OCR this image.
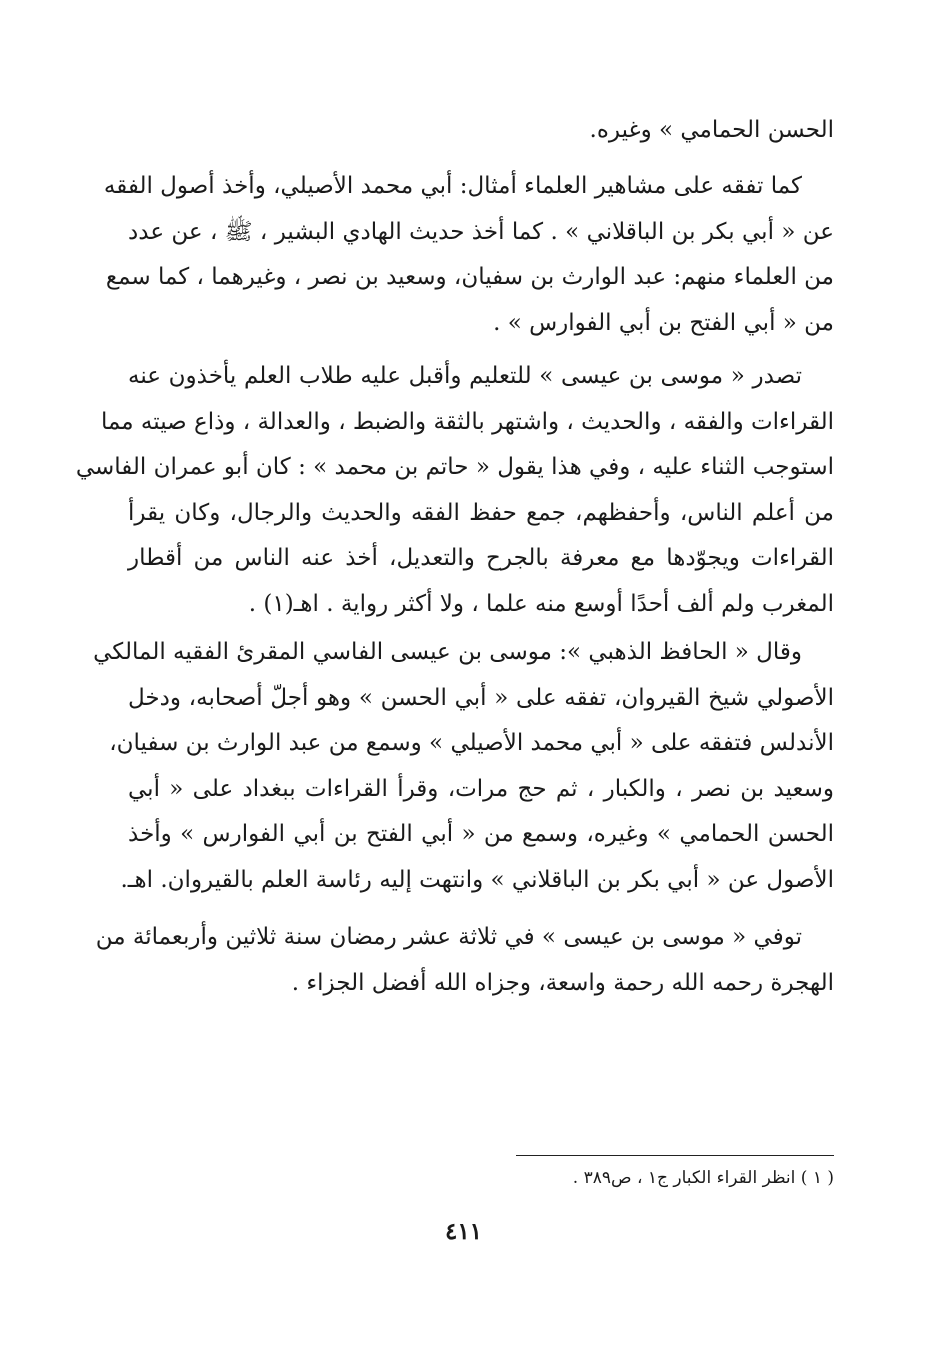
الحسن الحمامي » وغيره.
كما تفقه على مشاهير العلماء أمثال: أبي محمد الأصيلي، وأخذ أصول الفقه
عن « أبي بكر بن الباقلاني » . كما أخذ حديث الهادي البشير ، ﷺ ، عن عدد
من العلماء منهم: عبد الوارث بن سفيان، وسعيد بن نصر ، وغيرهما ، كما سمع
من « أبي الفتح بن أبي الفوارس » .
تصدر « موسى بن عيسى » للتعليم وأقبل عليه طلاب العلم يأخذون عنه
القراءات والفقه ، والحديث ، واشتهر بالثقة والضبط ، والعدالة ، وذاع صيته مما
استوجب الثناء عليه ، وفي هذا يقول « حاتم بن محمد » : كان أبو عمران الفاسي
من أعلم الناس، وأحفظهم، جمع حفظ الفقه والحديث والرجال، وكان يقرأ
القراءات ويجوّدها مع معرفة بالجرح والتعديل، أخذ عنه الناس من أقطار
المغرب ولم ألف أحدًا أوسع منه علما ، ولا أكثر رواية . اهـ(١) .
وقال « الحافظ الذهبي »: موسى بن عيسى الفاسي المقرئ الفقيه المالكي
الأصولي شيخ القيروان، تفقه على « أبي الحسن » وهو أجلّ أصحابه، ودخل
الأندلس فتفقه على « أبي محمد الأصيلي » وسمع من عبد الوارث بن سفيان،
وسعيد بن نصر ، والكبار ، ثم حج مرات، وقرأ القراءات ببغداد على « أبي
الحسن الحمامي » وغيره، وسمع من « أبي الفتح بن أبي الفوارس » وأخذ
الأصول عن « أبي بكر بن الباقلاني » وانتهت إليه رئاسة العلم بالقيروان. اهـ.
توفي « موسى بن عيسى » في ثلاثة عشر رمضان سنة ثلاثين وأربعمائة من
الهجرة رحمه الله رحمة واسعة، وجزاه الله أفضل الجزاء .
( ١ ) انظر القراء الكبار ج١ ، ص٣٨٩ .
٤١١
